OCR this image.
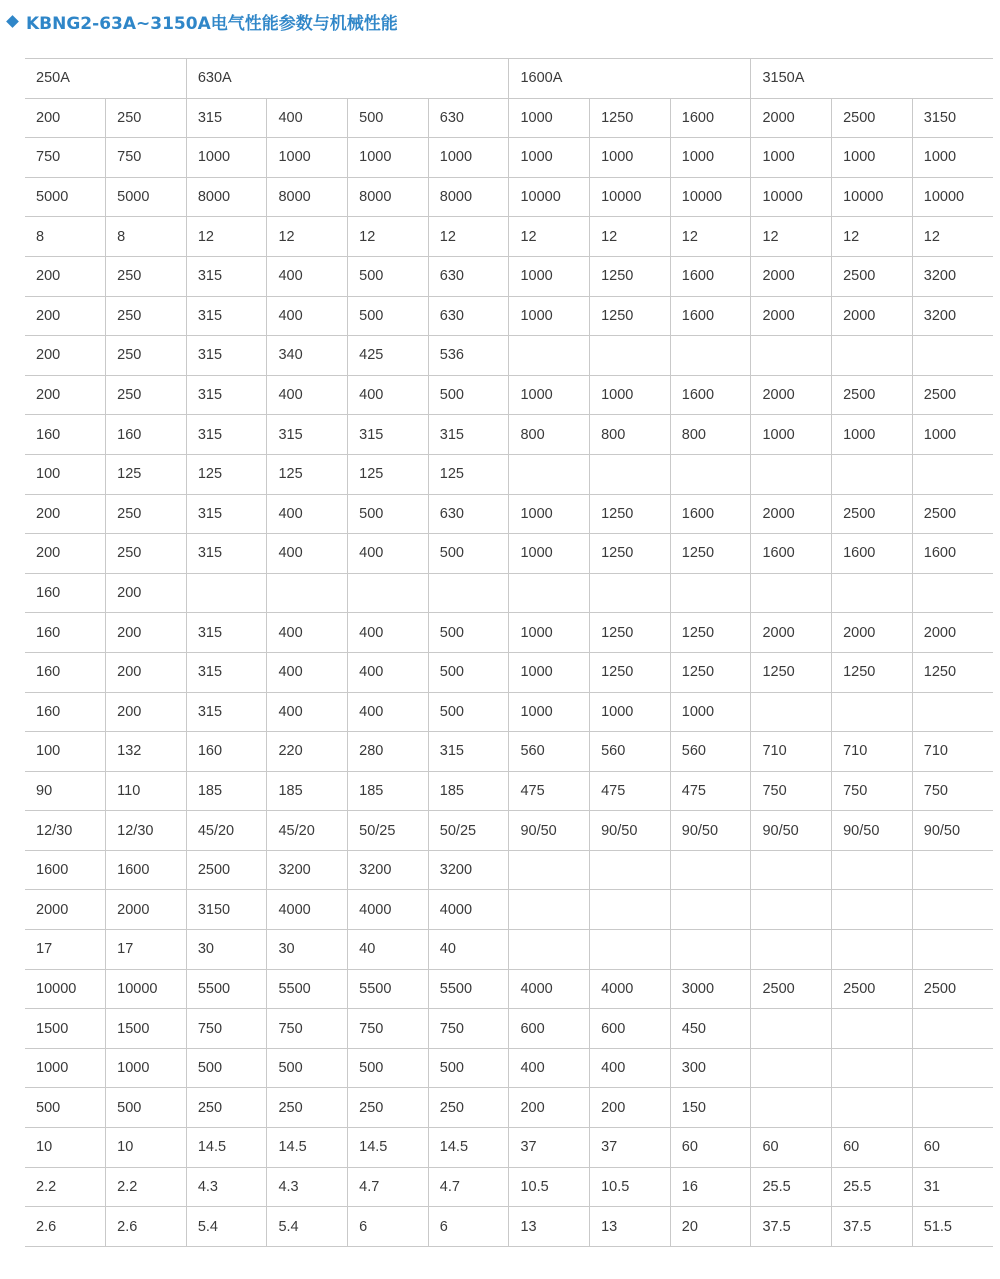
KBNG2-63A~3150A电气性能参数与机械性能
250A		630A				1600A			3150A		
200	250	315	400	500	630	1000	1250	1600	2000	2500	3150
750	750	1000	1000	1000	1000	1000	1000	1000	1000	1000	1000
5000	5000	8000	8000	8000	8000	10000	10000	10000	10000	10000	10000
8	8	12	12	12	12	12	12	12	12	12	12
200	250	315	400	500	630	1000	1250	1600	2000	2500	3200
200	250	315	400	500	630	1000	1250	1600	2000	2000	3200
200	250	315	340	425	536						
200	250	315	400	400	500	1000	1000	1600	2000	2500	2500
160	160	315	315	315	315	800	800	800	1000	1000	1000
100	125	125	125	125	125						
200	250	315	400	500	630	1000	1250	1600	2000	2500	2500
200	250	315	400	400	500	1000	1250	1250	1600	1600	1600
160	200										
160	200	315	400	400	500	1000	1250	1250	2000	2000	2000
160	200	315	400	400	500	1000	1250	1250	1250	1250	1250
160	200	315	400	400	500	1000	1000	1000			
100	132	160	220	280	315	560	560	560	710	710	710
90	110	185	185	185	185	475	475	475	750	750	750
12/30	12/30	45/20	45/20	50/25	50/25	90/50	90/50	90/50	90/50	90/50	90/50
1600	1600	2500	3200	3200	3200						
2000	2000	3150	4000	4000	4000						
17	17	30	30	40	40						
10000	10000	5500	5500	5500	5500	4000	4000	3000	2500	2500	2500
1500	1500	750	750	750	750	600	600	450			
1000	1000	500	500	500	500	400	400	300			
500	500	250	250	250	250	200	200	150			
10	10	14.5	14.5	14.5	14.5	37	37	60	60	60	60
2.2	2.2	4.3	4.3	4.7	4.7	10.5	10.5	16	25.5	25.5	31
2.6	2.6	5.4	5.4	6	6	13	13	20	37.5	37.5	51.5
